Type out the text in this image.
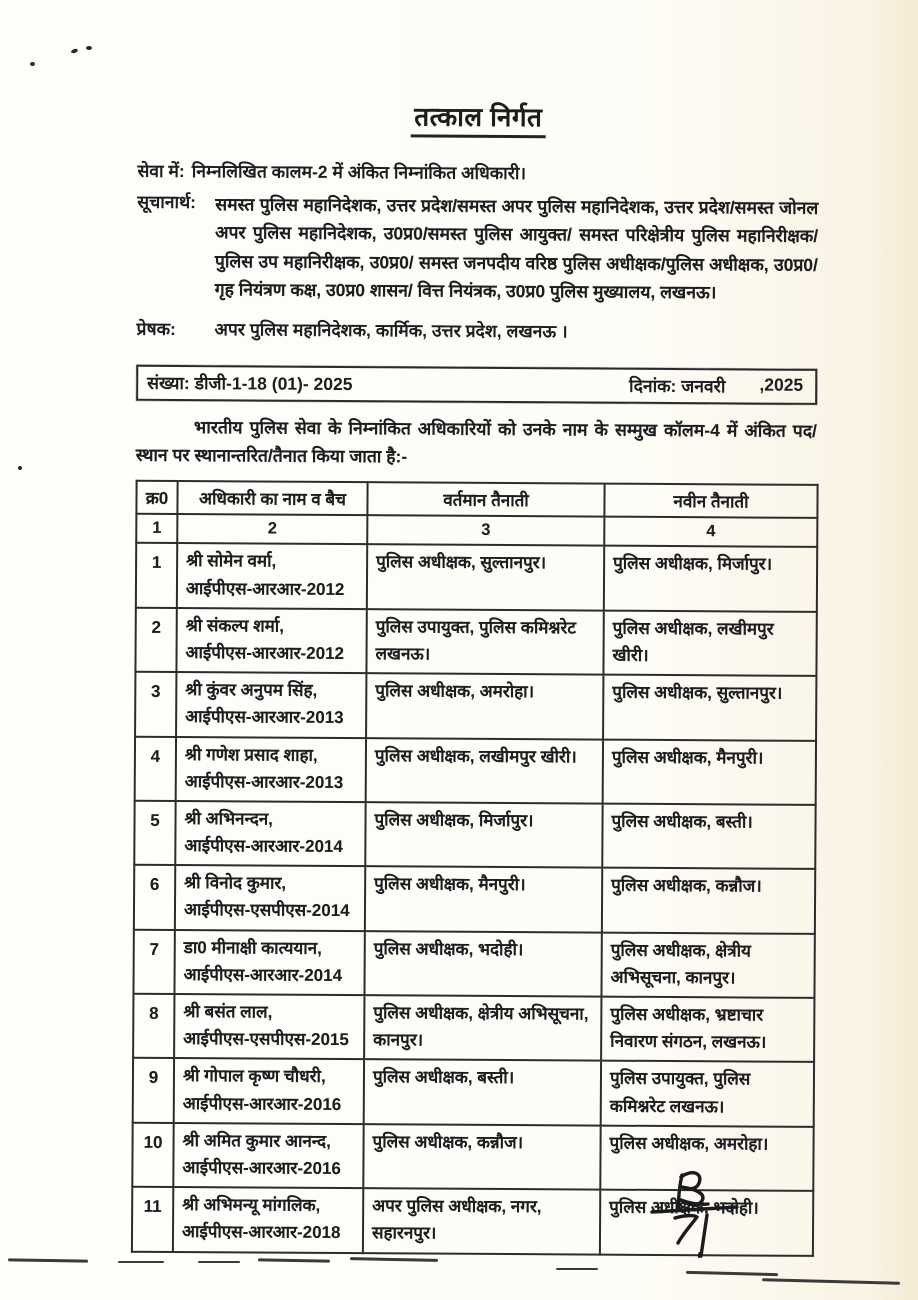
तत्काल निर्गत
सेवा में: निम्नलिखित कालम-2 में अंकित निम्नांकित अधिकारी।
सूचानार्थ:	समस्त पुलिस महानिदेशक, उत्तर प्रदेश/समस्त अपर पुलिस महानिदेशक, उत्तर प्रदेश/समस्त जोनल अपर पुलिस महानिदेशक, उ0प्र0/समस्त पुलिस आयुक्त/ समस्त परिक्षेत्रीय पुलिस महानिरीक्षक/ पुलिस उप महानिरीक्षक, उ0प्र0/ समस्त जनपदीय वरिष्ठ पुलिस अधीक्षक/पुलिस अधीक्षक, उ0प्र0/ गृह नियंत्रण कक्ष, उ0प्र0 शासन/ वित्त नियंत्रक, उ0प्र0 पुलिस मुख्यालय, लखनऊ।
प्रेषक:	अपर पुलिस महानिदेशक, कार्मिक, उत्तर प्रदेश, लखनऊ ।
संख्या: डीजी-1-18 (01)- 2025	दिनांक: जनवरी ,2025

भारतीय पुलिस सेवा के निम्नांकित अधिकारियों को उनके नाम के सम्मुख कॉलम-4 में अंकित पद/स्थान पर स्थानान्तरित/तैनात किया जाता है:-

क्र0	अधिकारी का नाम व बैच	वर्तमान तैनाती	नवीन तैनाती
1	2	3	4
1	श्री सोमेन वर्मा,
आईपीएस-आरआर-2012	पुलिस अधीक्षक, सुल्तानपुर।	पुलिस अधीक्षक, मिर्जापुर।
2	श्री संकल्प शर्मा,
आईपीएस-आरआर-2012	पुलिस उपायुक्त, पुलिस कमिश्नरेट लखनऊ।	पुलिस अधीक्षक, लखीमपुर खीरी।
3	श्री कुंवर अनुपम सिंह,
आईपीएस-आरआर-2013	पुलिस अधीक्षक, अमरोहा।	पुलिस अधीक्षक, सुल्तानपुर।
4	श्री गणेश प्रसाद शाहा,
आईपीएस-आरआर-2013	पुलिस अधीक्षक, लखीमपुर खीरी।	पुलिस अधीक्षक, मैनपुरी।
5	श्री अभिनन्दन,
आईपीएस-आरआर-2014	पुलिस अधीक्षक, मिर्जापुर।	पुलिस अधीक्षक, बस्ती।
6	श्री विनोद कुमार,
आईपीएस-एसपीएस-2014	पुलिस अधीक्षक, मैनपुरी।	पुलिस अधीक्षक, कन्नौज।
7	डा0 मीनाक्षी कात्ययान,
आईपीएस-आरआर-2014	पुलिस अधीक्षक, भदोही।	पुलिस अधीक्षक, क्षेत्रीय अभिसूचना, कानपुर।
8	श्री बसंत लाल,
आईपीएस-एसपीएस-2015	पुलिस अधीक्षक, क्षेत्रीय अभिसूचना, कानपुर।	पुलिस अधीक्षक, भ्रष्टाचार निवारण संगठन, लखनऊ।
9	श्री गोपाल कृष्ण चौधरी,
आईपीएस-आरआर-2016	पुलिस अधीक्षक, बस्ती।	पुलिस उपायुक्त, पुलिस कमिश्नरेट लखनऊ।
10	श्री अमित कुमार आनन्द,
आईपीएस-आरआर-2016	पुलिस अधीक्षक, कन्नौज।	पुलिस अधीक्षक, अमरोहा।
11	श्री अभिमन्यू मांगलिक,
आईपीएस-आरआर-2018	अपर पुलिस अधीक्षक, नगर, सहारनपुर।	पुलिस अधीक्षक, भदोही।
